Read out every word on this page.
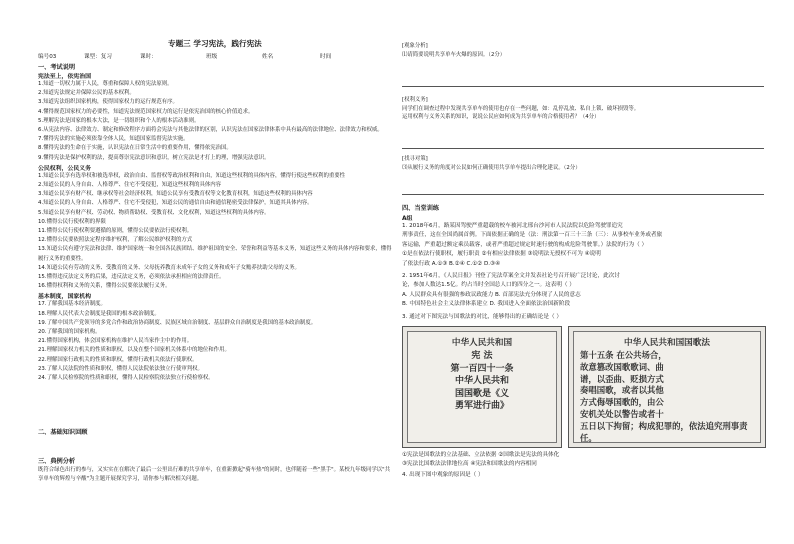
专题三 学习宪法，践行宪法
编号03	课型：复习	课时：	班级	姓名	时间
一、考试说明
宪法至上，依宪治国
1.知道一切权力属于人民，尊重和保障人权的宪法原则。
2.知道宪法规定并保障公民的基本权利。
3.知道宪法组织国家机构，使得国家权力的运行规范有序。
4.懂得规范国家权力的必要性，知道宪法规范国家权力的运行是依宪治国的核心价值追求。
5.理解宪法是国家的根本大法，是一切组织和个人的根本活动准则。
6.从宪法内容、法律效力、制定和修改程序方面将会宪法与其他法律的区别，认识宪法在国家法律体系中具有最高的法律地位、法律效力和权威。
7.懂得宪法的实施必须依靠全体人民，知道国家监督宪法实施。
8.懂得宪法的生命在于实施，认识宪法在日常生活中的重要作用，懂得依宪治国。
9.懂得宪法是保护权利的法，提高尊崇宪法意识和意识，树立宪法是才打上的理，增强宪法意识。
公民权利，公民义务
1.知道公民享有选举权和被选举权，政治自由、监督权等政治权利和自由，知道这些权利的具体内容，懂得行使这些权利的重要性
2.知道公民的人身自由、人格尊严、住宅不受侵犯，知道这些权利的具体内容
3.知道公民享有财产权、继承权等社会经济权利，知道公民享有受教育权等文化教育权利，知道这些权利的具体内容
4.知道公民的人身自由、人格尊严、住宅不受侵犯，知道公民的通信自由和通信秘密受法律保护，知道其具体内容。
5.知道公民享有财产权、劳动权、物质帮助权、受教育权、文化权利，知道这些权利的具体内容。
10.懂得公民行使权利的界限
11.懂得公民行使权利要遵循的原则，懂得公民要依法行使权利。
12.懂得公民要依照法定程序维护权利，了解公民维护权利的方式
13.知道公民有遵守宪法和法律、维护国家统一和全国各民族团结、维护祖国的安全、荣誉和利益等基本义务，知道这些义务的具体内容和要求，懂得履行义务的重要性。
14.知道公民有劳动的义务、受教育的义务、父母抚养教育未成年子女的义务和成年子女赡养扶助父母的义务。
15.懂得违反法定义务的后果，违反法定义务，必须依法承担相应的法律责任。
16.懂得权利和义务的关系，懂得公民要依法履行义务。
基本制度，国家机构
17.了解我国基本经济制度。
18.理解人民代表大会制度是我国的根本政治制度。
19.了解中国共产党领导的多党合作和政治协商制度、民族区域自治制度、基层群众自治制度是我国的基本政治制度。
20.了解我国的国家机构。
21.懂得国家机构，体会国家机构在维护人民当家作主中的作用。
21.理解国家权力机关的性质和职权，以及在整个国家机关体系中的地位和作用。
22.理解国家行政机关的性质和职权，懂得行政机关依法行使职权。
23.了解人民法院的性质和职权，懂得人民法院依法独立行使审判权。
24.了解人民检察院的性质和职权，懂得人民检察院依法独立行使检察权。
二、基础知识回顾
三、典例分析
既符合绿色出行的参与，又实实在在解决了最后一公里出行难的共享单车，在重新掀起"骑车热"的同时，也伴随着一些"黑手"。某校九年级同学以"共享单车的辉煌与辛酸"为主题开展探究学习，请你参与解决相关问题。
[观象分析]
⑴请简要说明共享单车火爆的原因。（2分）
[权利义务]
同学们在调查过程中发现共享单车的使用也存在一些问题，如：乱停乱放、私自上锁、破坏损毁等。
运用权利与义务关系的知识，说说公民应如何成为共享单车的合格使用者？（4分）
[找寻对策]
⑶从履行义务的角度对公民如何正确使用共享单车提出合理化建议。（2分）
四、当堂训练
A组
1. 2018年6月，路某因驾驶严重超载的校车被河北邢台沙河市人民法院以危险驾驶罪追究
刑事责任，这在全国尚属首例。下面依据正确的是（法：刑法第一百三十三条（三）：从事校车业务或者旅
客运输，严重超过额定乘员载客，或者严重超过规定时速行驶的构成危险驾驶罪。）法院的行为（ ）
①是在依法行使职权，履行职责 ②有相应法律依据 ③说明法无授权不可为 ④说明
了依法行政 A.①③ B.②④ C.①② D.③④
2. 1951年6月，《人民日报》刊登了宪法草案全文并发表社论号召开展广泛讨论，此次讨
论，参加人数达1.5亿。约占当时全国总人口的四分之一。这表明（ ）
A. 人民群众具有很强的参政议政能力 B. 首部宪法充分体现了人民的意志
B. 中国特色社会主义法律体系建立 D. 我国进入全面依法治国新阶段
3. 通过对下图宪法与国歌法的对比，能够得出的正确结论是（ ）
中华人民共和国
宪 法
第一百四十一条
中华人民共和
国国歌是《义
勇军进行曲》
中华人民共和国国歌法
第十五条 在公共场合，
故意篡改国歌歌词、曲
谱，以歪曲、贬损方式
奏唱国歌，或者以其他
方式侮辱国歌的，由公
安机关处以警告或者十
五日以下拘留；构成犯罪的，依法追究刑事责任。
①宪法是国歌法的立法基础、立法依据 ②国歌法是宪法的具体化
③宪法比国歌法法律地位高 ④宪法和国歌法的内容相同
4. 出现下图中观象的原因是（ ）
